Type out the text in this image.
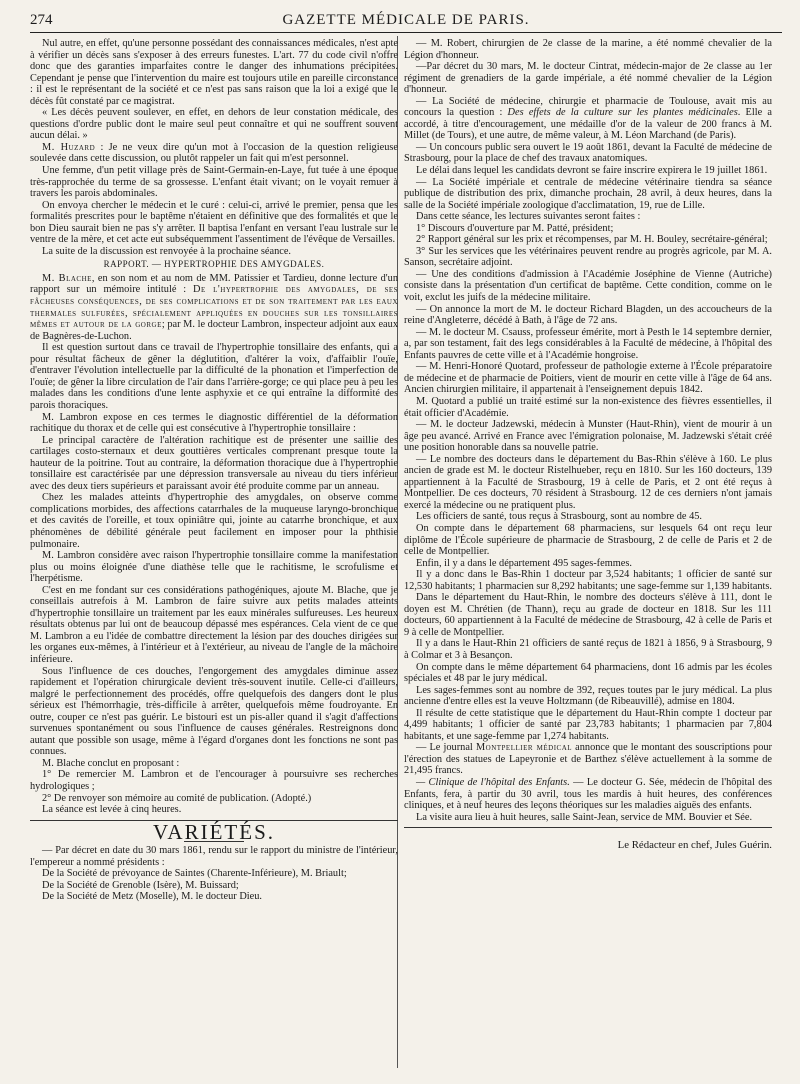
274	GAZETTE MÉDICALE DE PARIS.

Nul autre, en effet, qu'une personne possédant des connaissances médicales, n'est apte à vérifier un décès sans s'exposer à des erreurs funestes. L'art. 77 du code civil n'offre donc que des garanties imparfaites contre le danger des inhumations précipitées. Cependant je pense que l'intervention du maire est toujours utile en pareille circonstance : il est le représentant de la société et ce n'est pas sans raison que la loi a exigé que le décès fût constaté par ce magistrat.

« Les décès peuvent soulever, en effet, en dehors de leur constation médicale, des questions d'ordre public dont le maire seul peut connaître et qui ne souffrent souvent aucun délai. »

M. Huzard : Je ne veux dire qu'un mot à l'occasion de la question religieuse soulevée dans cette discussion, ou plutôt rappeler un fait qui m'est personnel.

Une femme, d'un petit village près de Saint-Germain-en-Laye, fut tuée à une époque très-rapprochée du terme de sa grossesse. L'enfant était vivant; on le voyait remuer à travers les parois abdominales.

On envoya chercher le médecin et le curé : celui-ci, arrivé le premier, pensa que les formalités prescrites pour le baptême n'étaient en définitive que des formalités et que le bon Dieu saurait bien ne pas s'y arrêter. Il baptisa l'enfant en versant l'eau lustrale sur le ventre de la mère, et cet acte eut subséquemment l'assentiment de l'évêque de Versailles.

La suite de la discussion est renvoyée à la prochaine séance.

RAPPORT. — HYPERTROPHIE DES AMYGDALES.

M. Blache, en son nom et au nom de MM. Patissier et Tardieu, donne lecture d'un rapport sur un mémoire intitulé : De l'hypertrophie des amygdales, de ses fâcheuses conséquences, de ses complications et de son traitement par les eaux thermales sulfurées, spécialement appliquées en douches sur les tonsillaires mêmes et autour de la gorge; par M. le docteur Lambron, inspecteur adjoint aux eaux de Bagnères-de-Luchon.

Il est question surtout dans ce travail de l'hypertrophie tonsillaire des enfants, qui a pour résultat fâcheux de gêner la déglutition, d'altérer la voix, d'affaiblir l'ouïe, d'entraver l'évolution intellectuelle par la difficulté de la phonation et l'imperfection de l'ouïe; de gêner la libre circulation de l'air dans l'arrière-gorge; ce qui place peu à peu les malades dans les conditions d'une lente asphyxie et ce qui entraîne la difformité des parois thoraciques.

M. Lambron expose en ces termes le diagnostic différentiel de la déformation rachitique du thorax et de celle qui est consécutive à l'hypertrophie tonsillaire :

Le principal caractère de l'altération rachitique est de présenter une saillie des cartilages costo-sternaux et deux gouttières verticales comprenant presque toute la hauteur de la poitrine. Tout au contraire, la déformation thoracique due à l'hypertrophie tonsillaire est caractérisée par une dépression transversale au niveau du tiers inférieur avec des deux tiers supérieurs et paraissant avoir été produite comme par un anneau.

Chez les malades atteints d'hypertrophie des amygdales, on observe comme complications morbides, des affections catarrhales de la muqueuse laryngo-bronchique et des cavités de l'oreille, et toux opiniâtre qui, jointe au catarrhe bronchique, et aux phénomènes de débilité générale peut facilement en imposer pour la phthisie pulmonaire.

M. Lambron considère avec raison l'hypertrophie tonsillaire comme la manifestation plus ou moins éloignée d'une diathèse telle que le rachitisme, le scrofulisme et l'herpétisme.

C'est en me fondant sur ces considérations pathogéniques, ajoute M. Blache, que je conseillais autrefois à M. Lambron de faire suivre aux petits malades atteints d'hypertrophie tonsillaire un traitement par les eaux minérales sulfureuses. Les heureux résultats obtenus par lui ont de beaucoup dépassé mes espérances. Cela vient de ce que M. Lambron a eu l'idée de combattre directement la lésion par des douches dirigées sur les organes eux-mêmes, à l'intérieur et à l'extérieur, au niveau de l'angle de la mâchoire inférieure.

Sous l'influence de ces douches, l'engorgement des amygdales diminue assez rapidement et l'opération chirurgicale devient très-souvent inutile. Celle-ci d'ailleurs, malgré le perfectionnement des procédés, offre quelquefois des dangers dont le plus sérieux est l'hémorrhagie, très-difficile à arrêter, quelquefois même foudroyante. En outre, couper ce n'est pas guérir. Le bistouri est un pis-aller quand il s'agit d'affections survenues spontanément ou sous l'influence de causes générales. Restreignons donc autant que possible son usage, même à l'égard d'organes dont les fonctions ne sont pas connues.

M. Blache conclut en proposant :

1° De remercier M. Lambron et de l'encourager à poursuivre ses recherches hydrologiques ;

2° De renvoyer son mémoire au comité de publication. (Adopté.)

La séance est levée à cinq heures.

VARIÉTÉS.

— Par décret en date du 30 mars 1861, rendu sur le rapport du ministre de l'intérieur, l'empereur a nommé présidents :

De la Société de prévoyance de Saintes (Charente-Inférieure), M. Briault;

De la Société de Grenoble (Isère), M. Buissard;

De la Société de Metz (Moselle), M. le docteur Dieu.

— M. Robert, chirurgien de 2e classe de la marine, a été nommé chevalier de la Légion d'honneur.

—Par décret du 30 mars, M. le docteur Cintrat, médecin-major de 2e classe au 1er régiment de grenadiers de la garde impériale, a été nommé chevalier de la Légion d'honneur.

— La Société de médecine, chirurgie et pharmacie de Toulouse, avait mis au concours la question : Des effets de la culture sur les plantes médicinales. Elle a accordé, à titre d'encouragement, une médaille d'or de la valeur de 200 francs à M. Millet (de Tours), et une autre, de même valeur, à M. Léon Marchand (de Paris).

— Un concours public sera ouvert le 19 août 1861, devant la Faculté de médecine de Strasbourg, pour la place de chef des travaux anatomiques.

Le délai dans lequel les candidats devront se faire inscrire expirera le 19 juillet 1861.

— La Société impériale et centrale de médecine vétérinaire tiendra sa séance publique de distribution des prix, dimanche prochain, 28 avril, à deux heures, dans la salle de la Société impériale zoologique d'acclimatation, 19, rue de Lille.

Dans cette séance, les lectures suivantes seront faites :

1° Discours d'ouverture par M. Patté, président;

2° Rapport général sur les prix et récompenses, par M. H. Bouley, secrétaire-général;

3° Sur les services que les vétérinaires peuvent rendre au progrès agricole, par M. A. Sanson, secrétaire adjoint.

— Une des conditions d'admission à l'Académie Joséphine de Vienne (Autriche) consiste dans la présentation d'un certificat de baptême. Cette condition, comme on le voit, exclut les juifs de la médecine militaire.

— On annonce la mort de M. le docteur Richard Blagden, un des accoucheurs de la reine d'Angleterre, décédé à Bath, à l'âge de 72 ans.

— M. le docteur M. Csauss, professeur émérite, mort à Pesth le 14 septembre dernier, a, par son testament, fait des legs considérables à la Faculté de médecine, à l'hôpital des Enfants pauvres de cette ville et à l'Académie hongroise.

— M. Henri-Honoré Quotard, professeur de pathologie externe à l'École préparatoire de médecine et de pharmacie de Poitiers, vient de mourir en cette ville à l'âge de 64 ans. Ancien chirurgien militaire, il appartenait à l'enseignement depuis 1842.

M. Quotard a publié un traité estimé sur la non-existence des fièvres essentielles, il était officier d'Académie.

— M. le docteur Jadzewski, médecin à Munster (Haut-Rhin), vient de mourir à un âge peu avancé. Arrivé en France avec l'émigration polonaise, M. Jadzewski s'était créé une position honorable dans sa nouvelle patrie.

— Le nombre des docteurs dans le département du Bas-Rhin s'élève à 160. Le plus ancien de grade est M. le docteur Ristelhueber, reçu en 1810. Sur les 160 docteurs, 139 appartiennent à la Faculté de Strasbourg, 19 à celle de Paris, et 2 ont été reçus à Montpellier. De ces docteurs, 70 résident à Strasbourg. 12 de ces derniers n'ont jamais exercé la médecine ou ne pratiquent plus.

Les officiers de santé, tous reçus à Strasbourg, sont au nombre de 45.

On compte dans le département 68 pharmaciens, sur lesquels 64 ont reçu leur diplôme de l'École supérieure de pharmacie de Strasbourg, 2 de celle de Paris et 2 de celle de Montpellier.

Enfin, il y a dans le département 495 sages-femmes.

Il y a donc dans le Bas-Rhin 1 docteur par 3,524 habitants; 1 officier de santé sur 12,530 habitants; 1 pharmacien sur 8,292 habitants; une sage-femme sur 1,139 habitants.

Dans le département du Haut-Rhin, le nombre des docteurs s'élève à 111, dont le doyen est M. Chrétien (de Thann), reçu au grade de docteur en 1818. Sur les 111 docteurs, 60 appartiennent à la Faculté de médecine de Strasbourg, 42 à celle de Paris et 9 à celle de Montpellier.

Il y a dans le Haut-Rhin 21 officiers de santé reçus de 1821 à 1856, 9 à Strasbourg, 9 à Colmar et 3 à Besançon.

On compte dans le même département 64 pharmaciens, dont 16 admis par les écoles spéciales et 48 par le jury médical.

Les sages-femmes sont au nombre de 392, reçues toutes par le jury médical. La plus ancienne d'entre elles est la veuve Holtzmann (de Ribeauvillé), admise en 1804.

Il résulte de cette statistique que le département du Haut-Rhin compte 1 docteur par 4,499 habitants; 1 officier de santé par 23,783 habitants; 1 pharmacien par 7,804 habitants, et une sage-femme par 1,274 habitants.

— Le journal Montpellier médical annonce que le montant des souscriptions pour l'érection des statues de Lapeyronie et de Barthez s'élève actuellement à la somme de 21,495 francs.

— Clinique de l'hôpital des Enfants. — Le docteur G. Sée, médecin de l'hôpital des Enfants, fera, à partir du 30 avril, tous les mardis à huit heures, des conférences cliniques, et à neuf heures des leçons théoriques sur les maladies aiguës des enfants.

La visite aura lieu à huit heures, salle Saint-Jean, service de MM. Bouvier et Sée.

Le Rédacteur en chef, Jules Guérin.
